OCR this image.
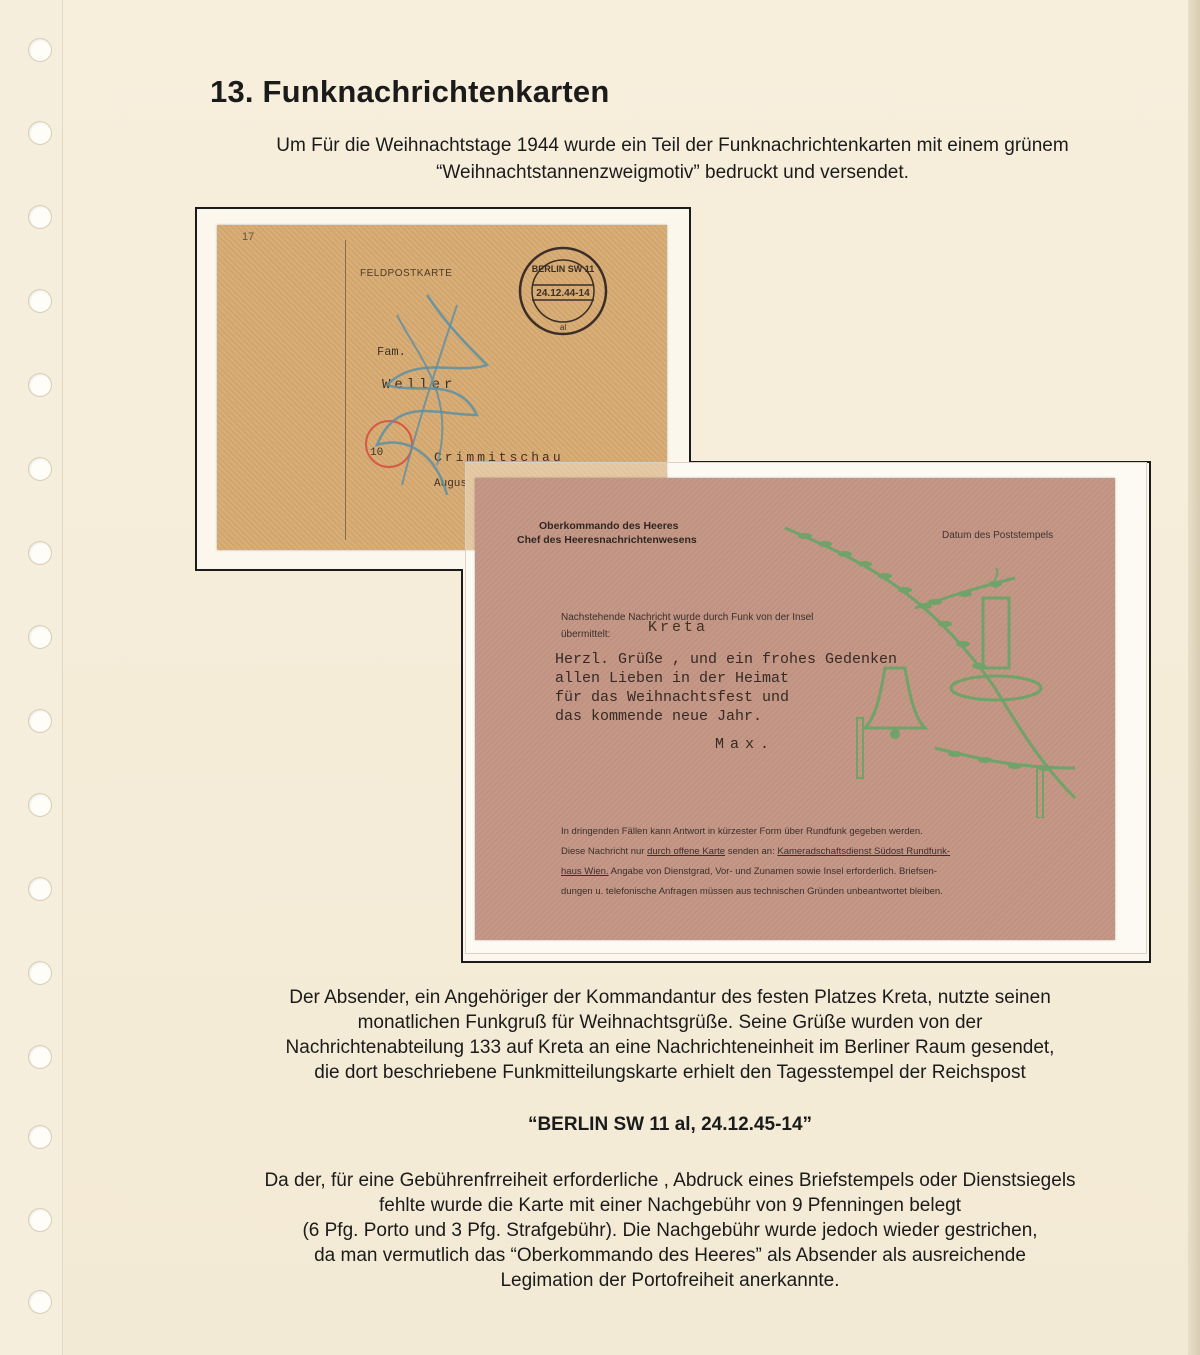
13. Funknachrichtenkarten
Um Für die Weihnachtstage 1944 wurde ein Teil der Funknachrichtenkarten mit einem grünem
“Weihnachtstannenzweigmotiv” bedruckt und versendet.
17
FELDPOSTKARTE	BERLIN SW 11
24.12.44-14
al
Fam.
Weller
10	Crimmitschau
Augus
Oberkommando des Heeres
Chef des Heeresnachrichtenwesens	Datum des Poststempels
Nachstehende Nachricht wurde durch Funk von der Insel
übermittelt:	Kreta
Herzl. Grüße , und ein frohes Gedenken
allen Lieben in der Heimat
für das Weihnachtsfest und
das kommende neue Jahr.
Max.
In dringenden Fällen kann Antwort in kürzester Form über Rundfunk gegeben werden.
Diese Nachricht nur durch offene Karte senden an: Kameradschaftsdienst Südost Rundfunk-
haus Wien. Angabe von Dienstgrad, Vor- und Zunamen sowie Insel erforderlich. Briefsen-
dungen u. telefonische Anfragen müssen aus technischen Gründen unbeantwortet bleiben.
Der Absender, ein Angehöriger der Kommandantur des festen Platzes Kreta, nutzte seinen
monatlichen Funkgruß für Weihnachtsgrüße. Seine Grüße wurden von der
Nachrichtenabteilung 133 auf Kreta an eine Nachrichteneinheit im Berliner Raum gesendet,
die dort beschriebene Funkmitteilungskarte erhielt den Tagesstempel der Reichspost
“BERLIN SW 11 al, 24.12.45-14”
Da der, für eine Gebührenfrreiheit erforderliche , Abdruck eines Briefstempels oder Dienstsiegels
fehlte wurde die Karte mit einer Nachgebühr von 9 Pfenningen belegt
(6 Pfg. Porto und 3 Pfg. Strafgebühr). Die Nachgebühr wurde jedoch wieder gestrichen,
da man vermutlich das “Oberkommando des Heeres” als Absender als ausreichende
Legimation der Portofreiheit anerkannte.
